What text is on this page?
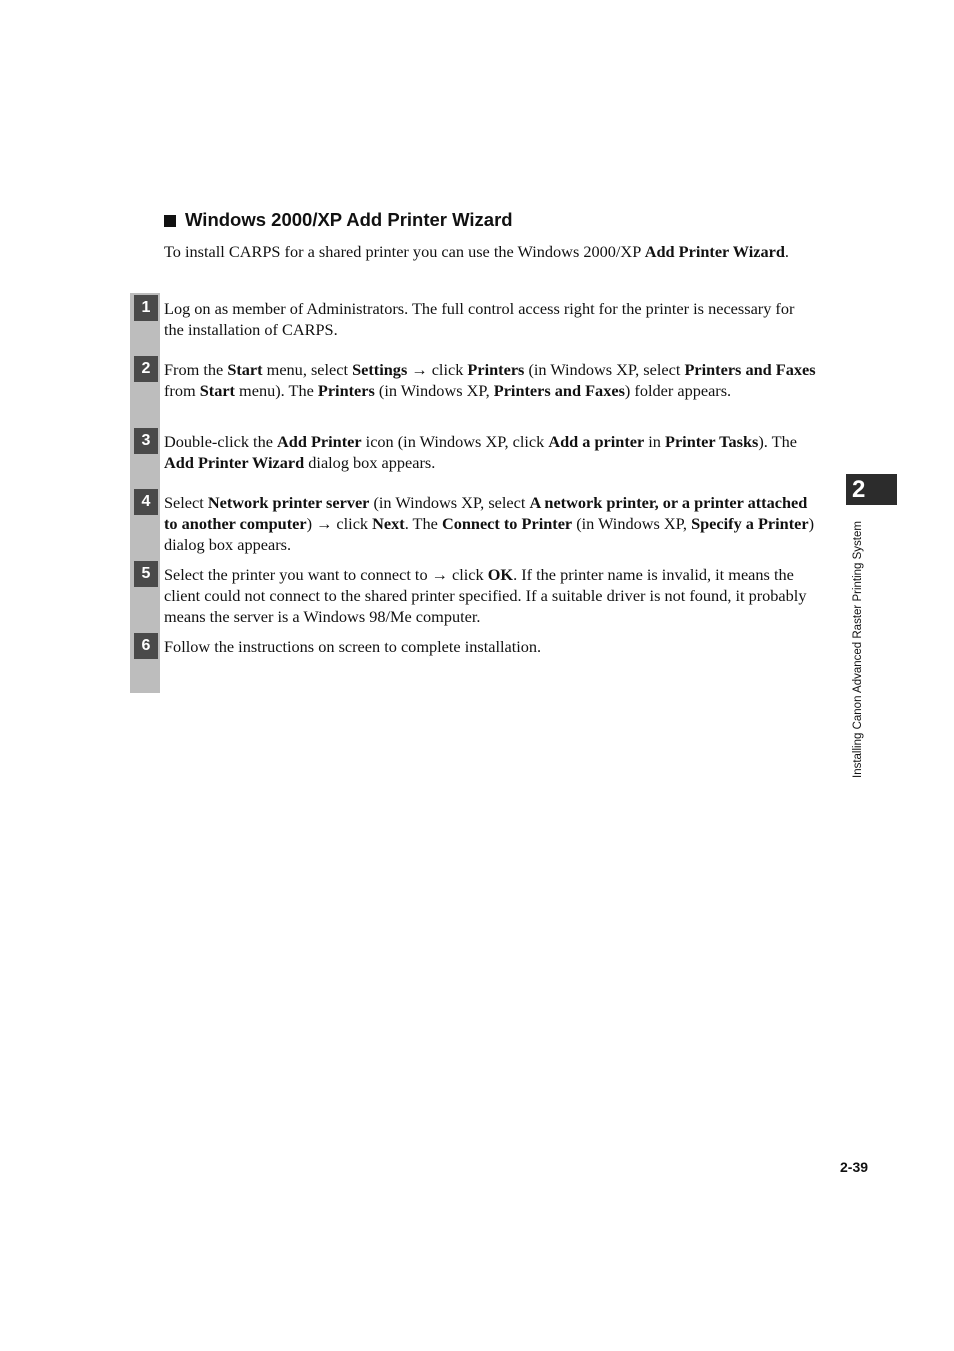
Windows 2000/XP Add Printer Wizard

To install CARPS for a shared printer you can use the Windows 2000/XP Add Printer Wizard.

1 Log on as member of Administrators. The full control access right for the printer is necessary for the installation of CARPS.

2 From the Start menu, select Settings → click Printers (in Windows XP, select Printers and Faxes from Start menu). The Printers (in Windows XP, Printers and Faxes) folder appears.

3 Double-click the Add Printer icon (in Windows XP, click Add a printer in Printer Tasks). The Add Printer Wizard dialog box appears.

4 Select Network printer server (in Windows XP, select A network printer, or a printer attached to another computer) → click Next. The Connect to Printer (in Windows XP, Specify a Printer) dialog box appears.

5 Select the printer you want to connect to → click OK. If the printer name is invalid, it means the client could not connect to the shared printer specified. If a suitable driver is not found, it probably means the server is a Windows 98/Me computer.

6 Follow the instructions on screen to complete installation.

2
Installing Canon Advanced Raster Printing System
2-39
